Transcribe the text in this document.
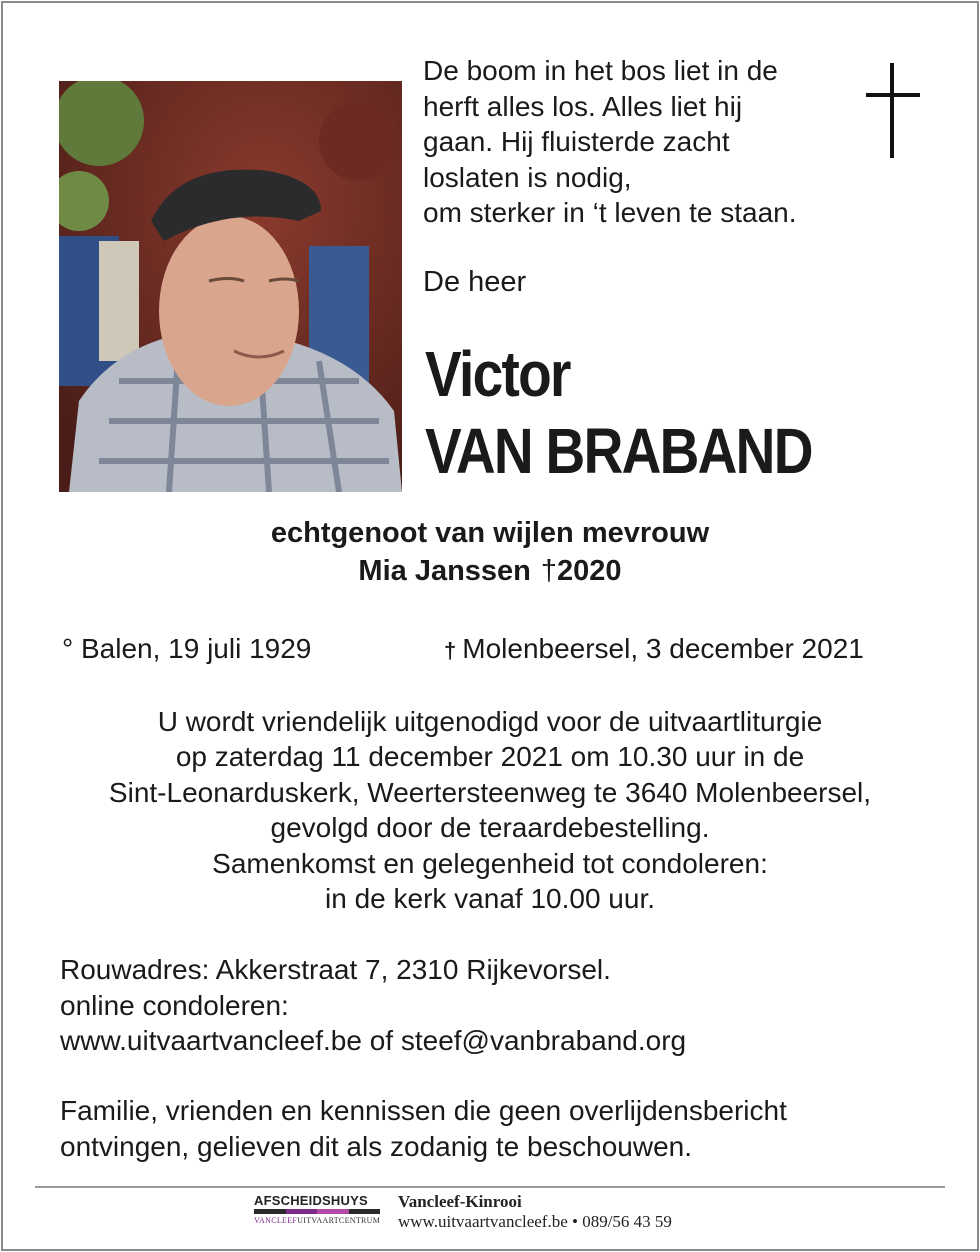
De boom in het bos liet in de
herft alles los. Alles liet hij
gaan. Hij fluisterde zacht
loslaten is nodig,
om sterker in ‘t leven te staan.
De heer
Victor
VAN BRABAND
echtgenoot van wijlen mevrouw
Mia Janssen †2020
° Balen, 19 juli 1929	† Molenbeersel, 3 december 2021
U wordt vriendelijk uitgenodigd voor de uitvaartliturgie
op zaterdag 11 december 2021 om 10.30 uur in de
Sint-Leonarduskerk, Weertersteenweg te 3640 Molenbeersel,
gevolgd door de teraardebestelling.
Samenkomst en gelegenheid tot condoleren:
in de kerk vanaf 10.00 uur.
Rouwadres: Akkerstraat 7, 2310 Rijkevorsel.
online condoleren:
www.uitvaartvancleef.be of steef@vanbraband.org
Familie, vrienden en kennissen die geen overlijdensbericht
ontvingen, gelieven dit als zodanig te beschouwen.
AFSCHEIDSHUYS
VANCLEEF UITVAARTCENTRUM
Vancleef-Kinrooi
www.uitvaartvancleef.be • 089/56 43 59
